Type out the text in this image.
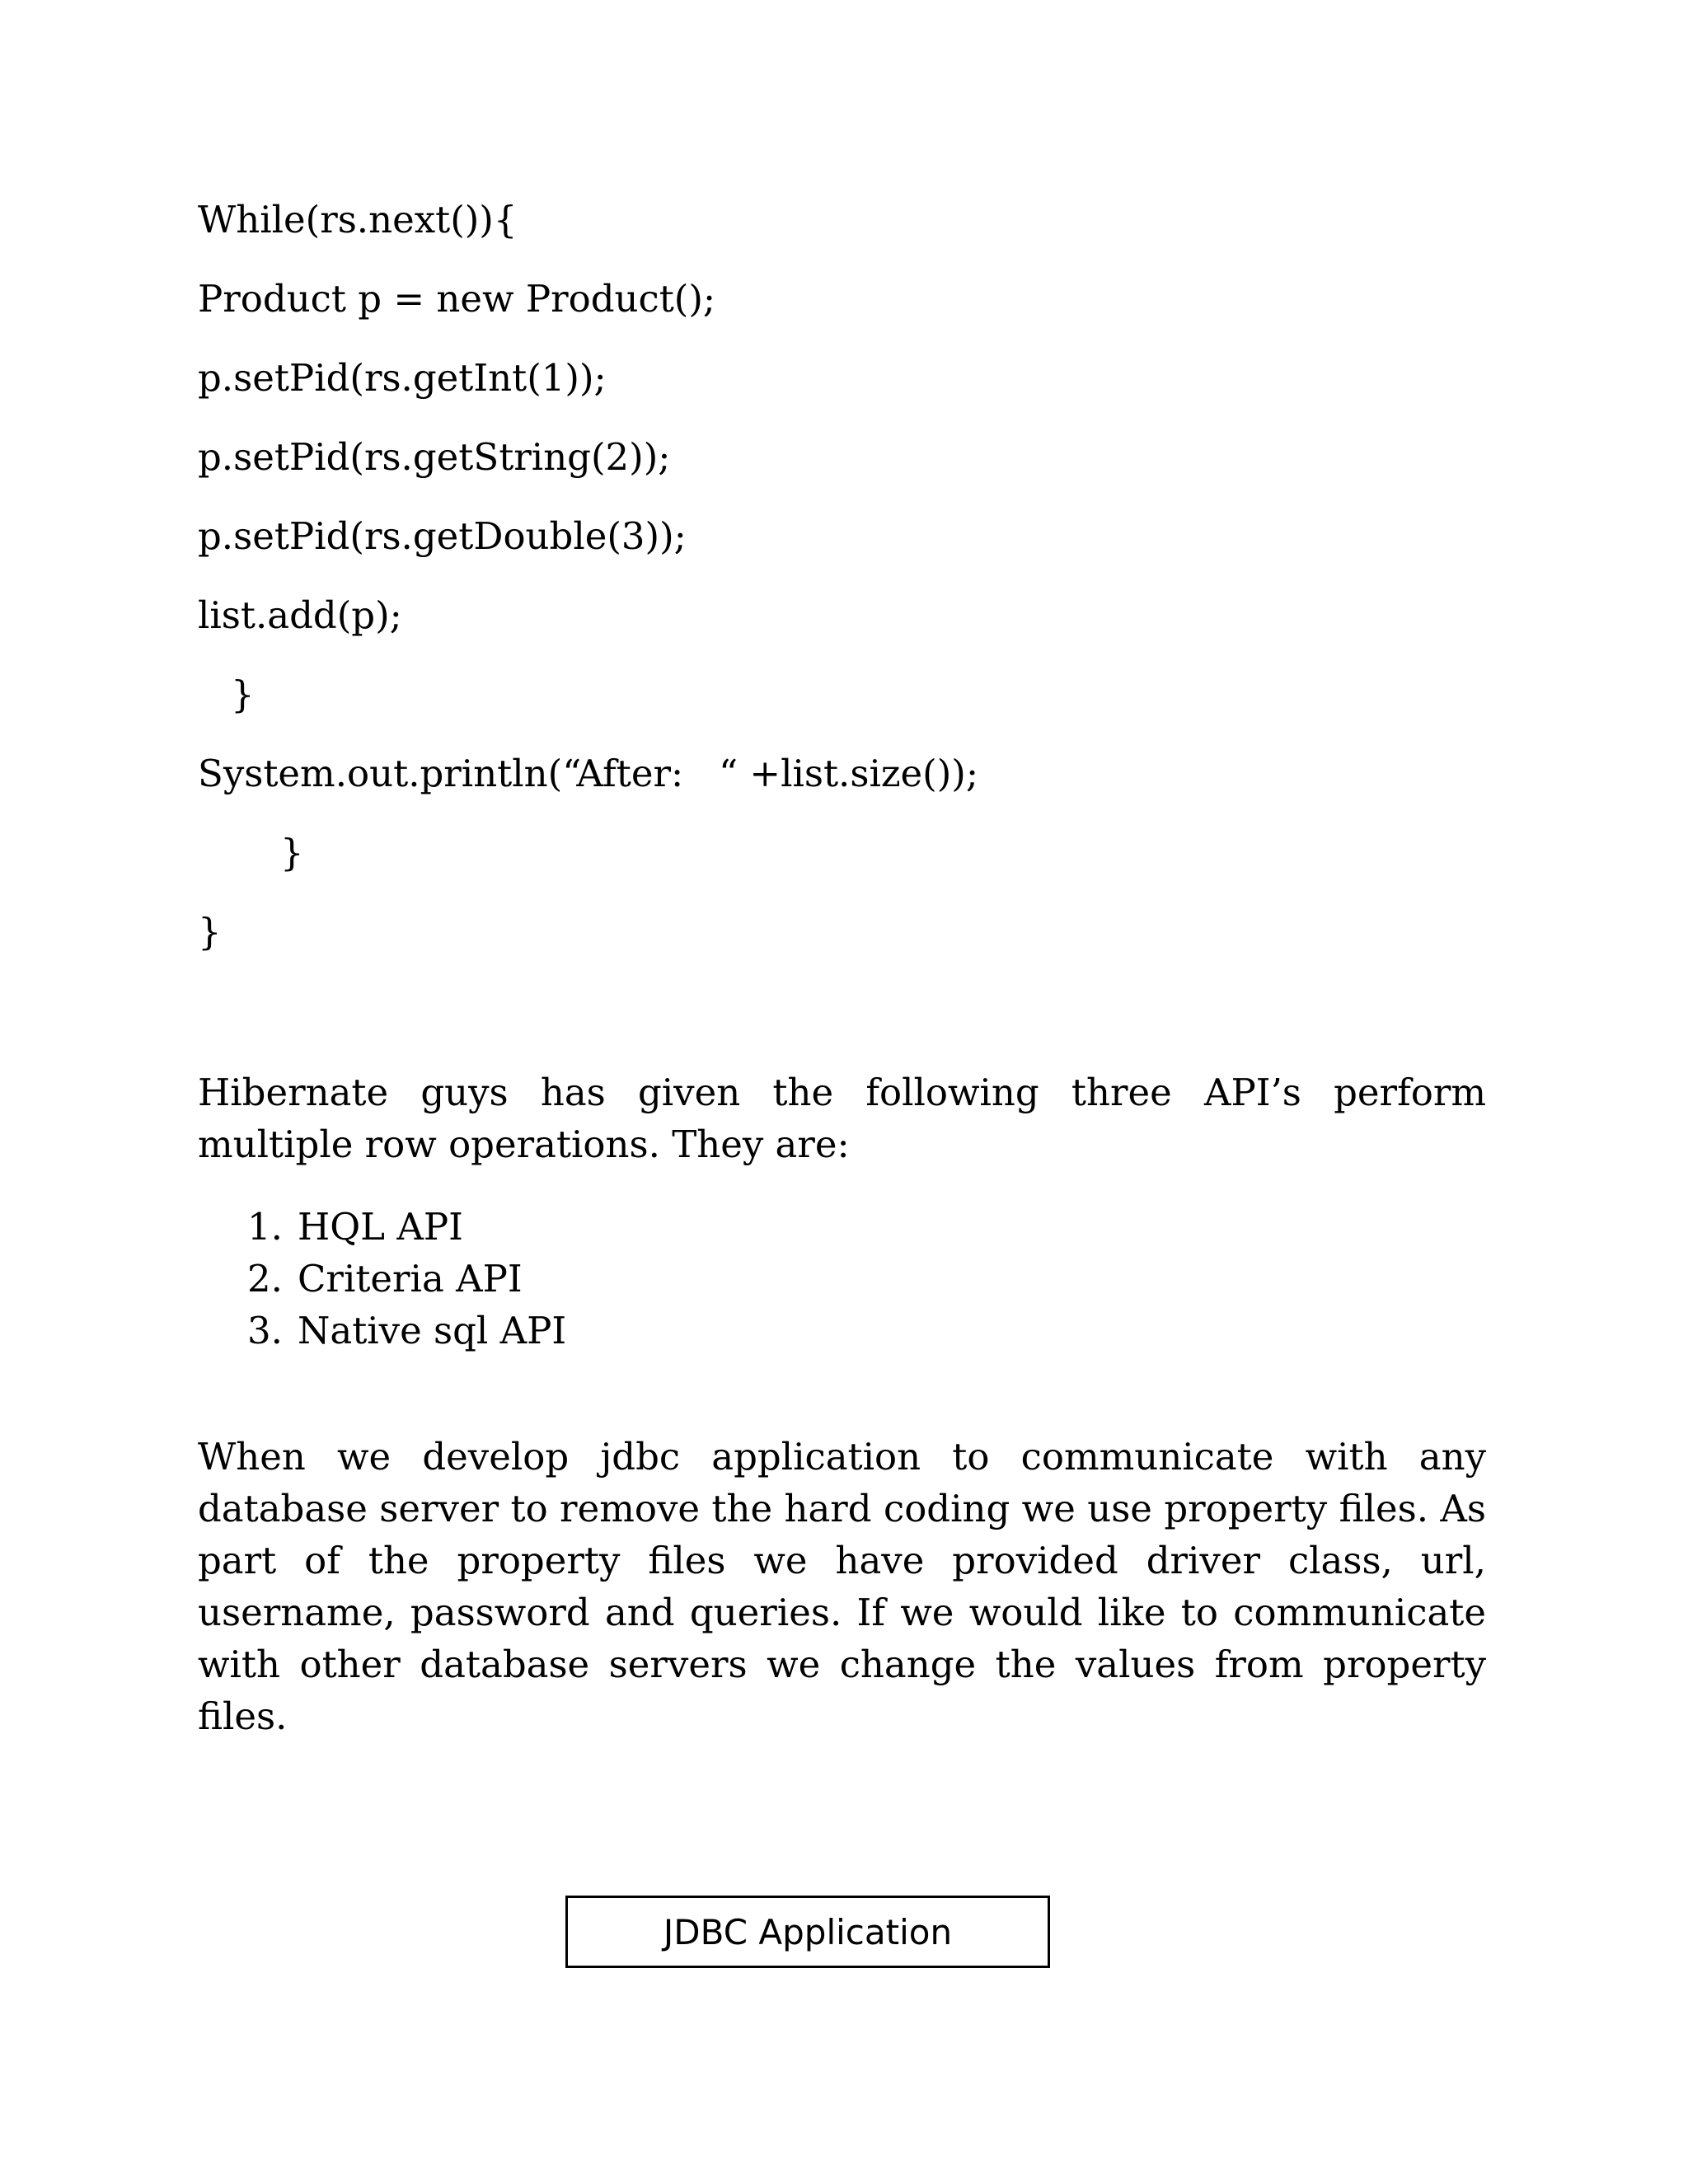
While(rs.next()){
Product p = new Product();
p.setPid(rs.getInt(1));
p.setPid(rs.getString(2));
p.setPid(rs.getDouble(3));
list.add(p);
}
System.out.println(“After:   “ +list.size());
}
}
Hibernate guys has given the following three API’s perform multiple row operations. They are:
1. HQL API
2. Criteria API
3. Native sql API
When we develop jdbc application to communicate with any database server to remove the hard coding we use property files. As part of the property files we have provided driver class, url, username, password and queries. If we would like to communicate with other database servers we change the values from property files.
JDBC Application
